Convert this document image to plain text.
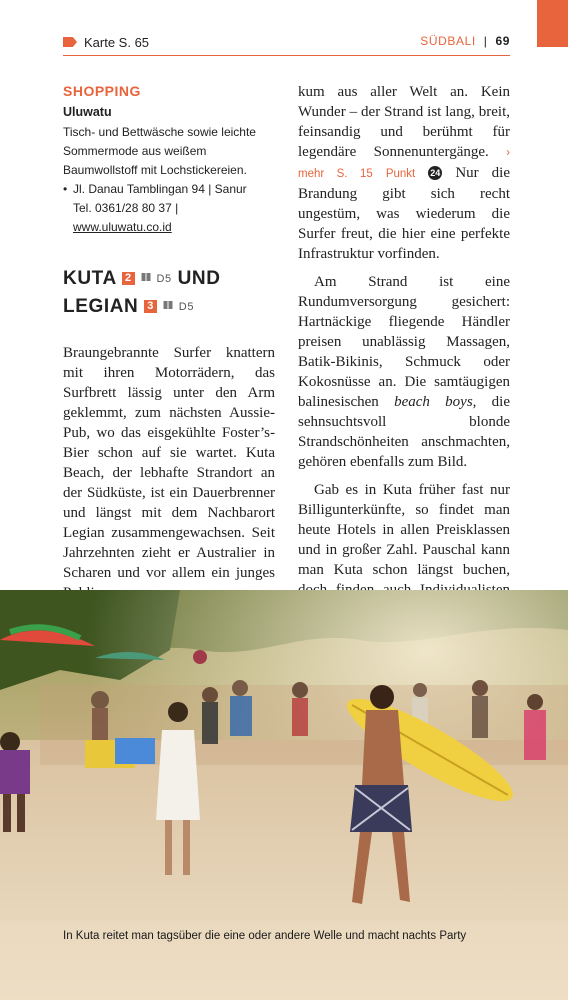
Karte S. 65	SÜDBALI | 69

SHOPPING

Uluwatu

Tisch- und Bettwäsche sowie leichte Sommermode aus weißem Baumwollstoff mit Lochstickereien.

• Jl. Danau Tamblingan 94 | Sanur

Tel. 0361/28 80 37 | www.uluwatu.co.id

KUTA 2 D5 UND
LEGIAN 3 D5

Braungebrannte Surfer knattern mit ihren Motorrädern, das Surfbrett lässig unter den Arm geklemmt, zum nächsten Aussie-Pub, wo das eisgekühlte Foster’s-Bier schon auf sie wartet. Kuta Beach, der lebhafte Strandort an der Südküste, ist ein Dauerbrenner und längst mit dem Nachbarort Legian zusammengewachsen. Seit Jahrzehnten zieht er Australier in Scharen und vor allem ein junges

kum aus aller Welt an. Kein Wunder – der Strand ist lang, breit, feinsandig und berühmt für legendäre Sonnenuntergänge. › mehr S. 15 Punkt 24 Nur die Brandung gibt sich recht ungestüm, was wiederum die Surfer freut, die hier eine perfekte Infrastruktur vorfinden.

Am Strand ist eine Rundumversorgung gesichert: Hartnäckige fliegende Händler preisen unablässig Massagen, Batik-Bikinis, Schmuck oder Kokosnüsse an. Die samtäugigen balinesischen beach boys, die sehnsuchtsvoll blonde Strandschönheiten anschmachten, gehören ebenfalls zum Bild.

Gab es in Kuta früher fast nur Billigunterkünfte, so findet man heute Hotels in allen Preisklassen und in großer Zahl. Pauschal kann man Kuta schon längst buchen,

In Kuta reitet man tagsüber die eine oder andere Welle und macht nachts Party
